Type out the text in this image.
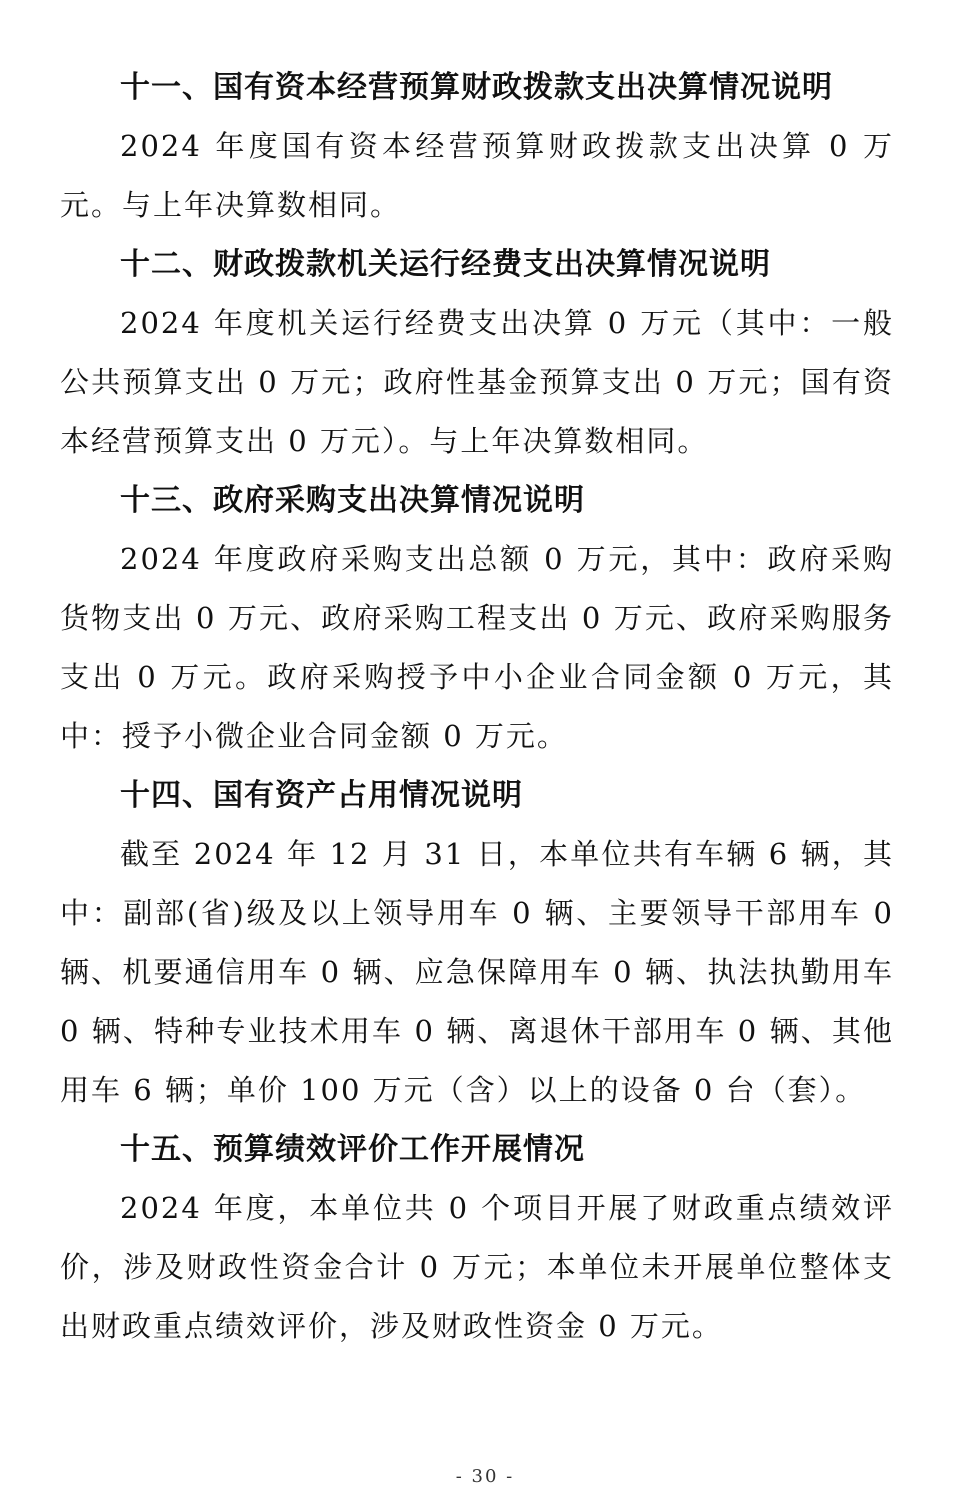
十一、国有资本经营预算财政拨款支出决算情况说明

2024 年度国有资本经营预算财政拨款支出决算 0 万元。与上年决算数相同。

十二、财政拨款机关运行经费支出决算情况说明

2024 年度机关运行经费支出决算 0 万元（其中：一般公共预算支出 0 万元；政府性基金预算支出 0 万元；国有资本经营预算支出 0 万元）。与上年决算数相同。

十三、政府采购支出决算情况说明

2024 年度政府采购支出总额 0 万元，其中：政府采购货物支出 0 万元、政府采购工程支出 0 万元、政府采购服务支出 0 万元。政府采购授予中小企业合同金额 0 万元，其中：授予小微企业合同金额 0 万元。

十四、国有资产占用情况说明

截至 2024 年 12 月 31 日，本单位共有车辆 6 辆，其中：副部(省)级及以上领导用车 0 辆、主要领导干部用车 0 辆、机要通信用车 0 辆、应急保障用车 0 辆、执法执勤用车 0 辆、特种专业技术用车 0 辆、离退休干部用车 0 辆、其他用车 6 辆；单价 100 万元（含）以上的设备 0 台（套）。

十五、预算绩效评价工作开展情况

2024 年度，本单位共 0 个项目开展了财政重点绩效评价，涉及财政性资金合计 0 万元；本单位未开展单位整体支出财政重点绩效评价，涉及财政性资金 0 万元。

- 30 -
